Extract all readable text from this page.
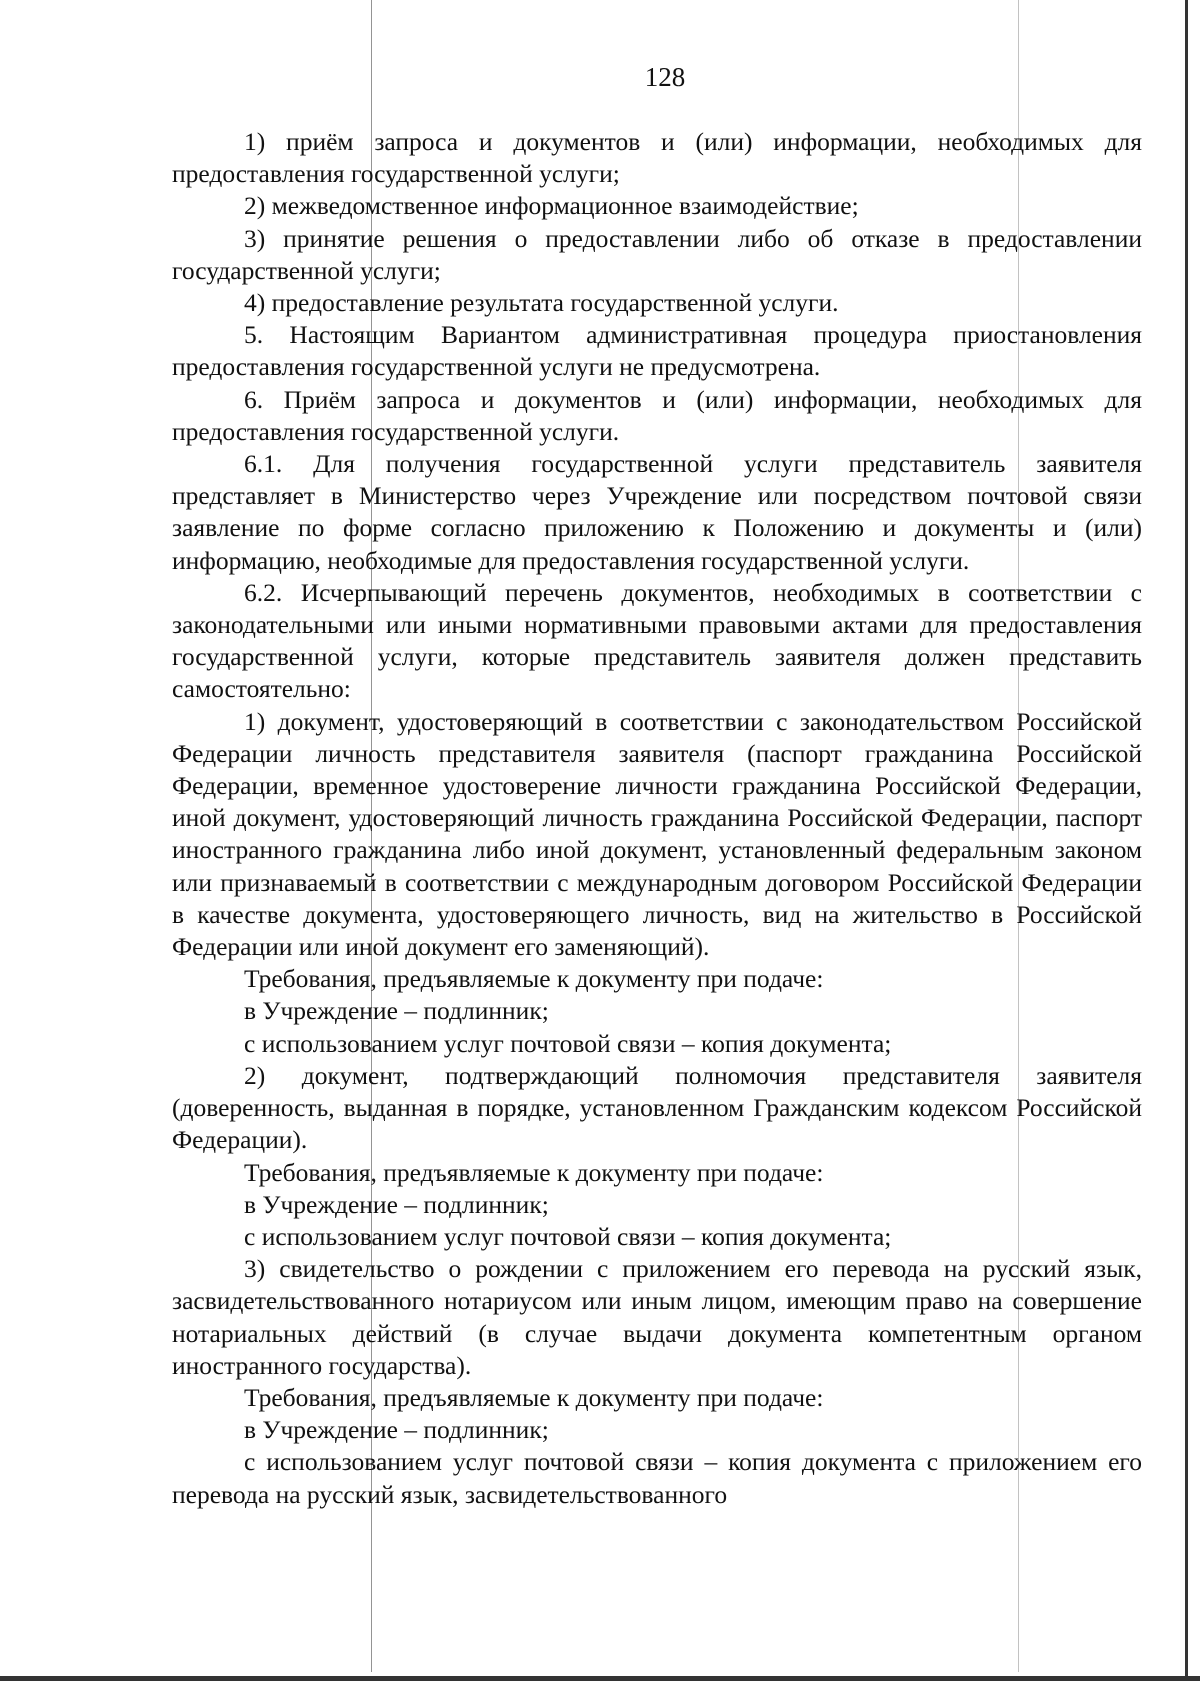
128

1) приём запроса и документов и (или) информации, необходимых для предоставления государственной услуги;

2) межведомственное информационное взаимодействие;

3) принятие решения о предоставлении либо об отказе в предоставлении государственной услуги;

4) предоставление результата государственной услуги.

5. Настоящим Вариантом административная процедура приостановления предоставления государственной услуги не предусмотрена.

6. Приём запроса и документов и (или) информации, необходимых для предоставления государственной услуги.

6.1. Для получения государственной услуги представитель заявителя представляет в Министерство через Учреждение или посредством почтовой связи заявление по форме согласно приложению к Положению и документы и (или) информацию, необходимые для предоставления государственной услуги.

6.2. Исчерпывающий перечень документов, необходимых в соответствии с законодательными или иными нормативными правовыми актами для предоставления государственной услуги, которые представитель заявителя должен представить самостоятельно:

1) документ, удостоверяющий в соответствии с законодательством Российской Федерации личность представителя заявителя (паспорт гражданина Российской Федерации, временное удостоверение личности гражданина Российской Федерации, иной документ, удостоверяющий личность гражданина Российской Федерации, паспорт иностранного гражданина либо иной документ, установленный федеральным законом или признаваемый в соответствии с международным договором Российской Федерации в качестве документа, удостоверяющего личность, вид на жительство в Российской Федерации или иной документ его заменяющий).

Требования, предъявляемые к документу при подаче:

в Учреждение – подлинник;

с использованием услуг почтовой связи – копия документа;

2) документ, подтверждающий полномочия представителя заявителя (доверенность, выданная в порядке, установленном Гражданским кодексом Российской Федерации).

Требования, предъявляемые к документу при подаче:

в Учреждение – подлинник;

с использованием услуг почтовой связи – копия документа;

3) свидетельство о рождении с приложением его перевода на русский язык, засвидетельствованного нотариусом или иным лицом, имеющим право на совершение нотариальных действий (в случае выдачи документа компетентным органом иностранного государства).

Требования, предъявляемые к документу при подаче:

в Учреждение – подлинник;

с использованием услуг почтовой связи – копия документа с приложением его перевода на русский язык, засвидетельствованного
